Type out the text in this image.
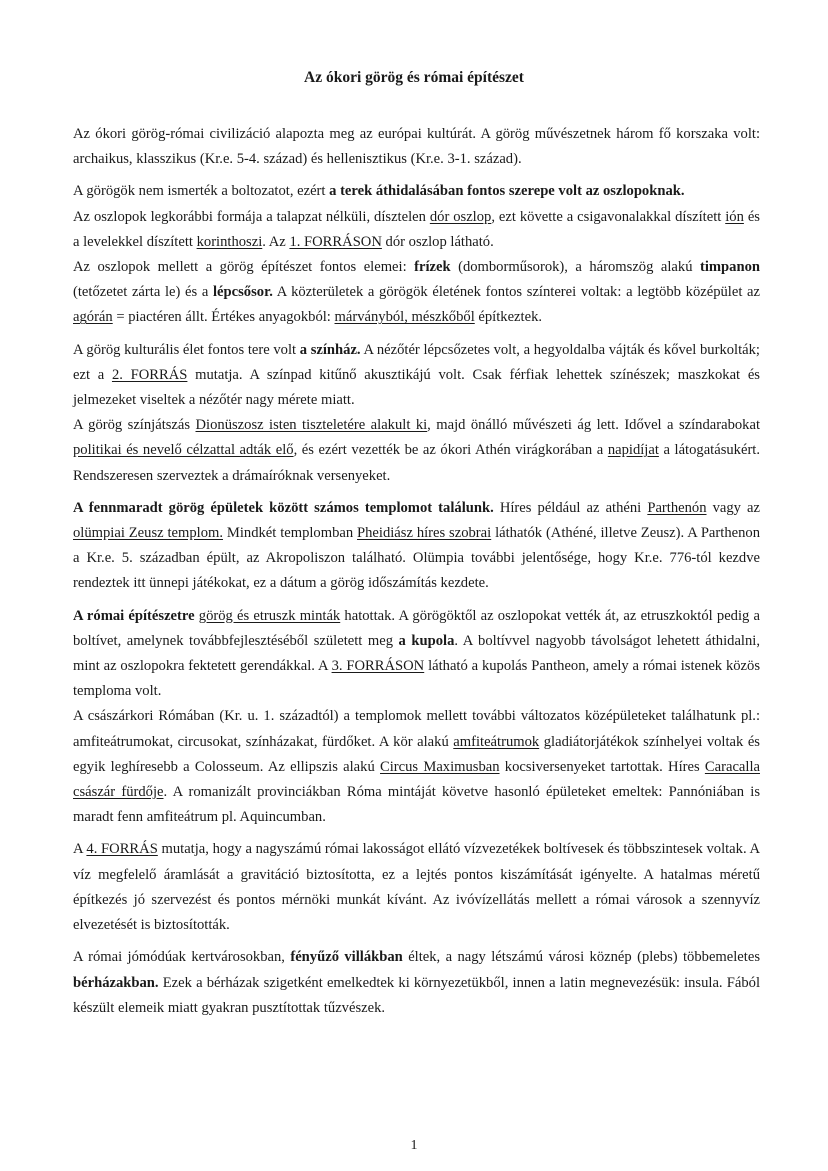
Az ókori görög és római építészet

Az ókori görög-római civilizáció alapozta meg az európai kultúrát. A görög művészetnek három fő korszaka volt: archaikus, klasszikus (Kr.e. 5-4. század) és hellenisztikus (Kr.e. 3-1. század).

A görögök nem ismerték a boltozatot, ezért a terek áthidalásában fontos szerepe volt az oszlopoknak.

Az oszlopok legkorábbi formája a talapzat nélküli, dísztelen dór oszlop, ezt követte a csigavonalakkal díszített ión és a levelekkel díszített korinthoszi. Az 1. FORRÁSON dór oszlop látható.

Az oszlopok mellett a görög építészet fontos elemei: frízek (domborműsorok), a háromszög alakú timpanon (tetőzetet zárta le) és a lépcsősor. A közterületek a görögök életének fontos színterei voltak: a legtöbb középület az agórán = piactéren állt. Értékes anyagokból: márványból, mészkőből építkeztek.

A görög kulturális élet fontos tere volt a színház. A nézőtér lépcsőzetes volt, a hegyoldalba vájták és kővel burkolták; ezt a 2. FORRÁS mutatja. A színpad kitűnő akusztikájú volt. Csak férfiak lehettek színészek; maszkokat és jelmezeket viseltek a nézőtér nagy mérete miatt.

A görög színjátszás Dionüszosz isten tiszteletére alakult ki, majd önálló művészeti ág lett. Idővel a színdarabokat politikai és nevelő célzattal adták elő, és ezért vezették be az ókori Athén virágkorában a napidíjat a látogatásukért. Rendszeresen szerveztek a drámaíróknak versenyeket.

A fennmaradt görög épületek között számos templomot találunk. Híres például az athéni Parthenón vagy az olümpiai Zeusz templom. Mindkét templomban Pheidiász híres szobrai láthatók (Athéné, illetve Zeusz). A Parthenon a Kr.e. 5. században épült, az Akropoliszon található. Olümpia további jelentősége, hogy Kr.e. 776-tól kezdve rendeztek itt ünnepi játékokat, ez a dátum a görög időszámítás kezdete.

A római építészetre görög és etruszk minták hatottak. A görögöktől az oszlopokat vették át, az etruszkoktól pedig a boltívet, amelynek továbbfejlesztéséből született meg a kupola. A boltívvel nagyobb távolságot lehetett áthidalni, mint az oszlopokra fektetett gerendákkal. A 3. FORRÁSON látható a kupolás Pantheon, amely a római istenek közös temploma volt.

A császárkori Rómában (Kr. u. 1. századtól) a templomok mellett további változatos középületeket találhatunk pl.: amfiteátrumokat, circusokat, színházakat, fürdőket. A kör alakú amfiteátrumok gladiátorjátékok színhelyei voltak és egyik leghíresebb a Colosseum. Az ellipszis alakú Circus Maximusban kocsiversenyeket tartottak. Híres Caracalla császár fürdője. A romanizált provinciákban Róma mintáját követve hasonló épületeket emeltek: Pannóniában is maradt fenn amfiteátrum pl. Aquincumban.

A 4. FORRÁS mutatja, hogy a nagyszámú római lakosságot ellátó vízvezetékek boltívesek és többszintesek voltak. A víz megfelelő áramlását a gravitáció biztosította, ez a lejtés pontos kiszámítását igényelte. A hatalmas méretű építkezés jó szervezést és pontos mérnöki munkát kívánt. Az ivóvízellátás mellett a római városok a szennyvíz elvezetését is biztosították.

A római jómódúak kertvárosokban, fényűző villákban éltek, a nagy létszámú városi köznép (plebs) többemeletes bérházakban. Ezek a bérházak szigetként emelkedtek ki környezetükből, innen a latin megnevezésük: insula. Fából készült elemeik miatt gyakran pusztítottak tűzvészek.

1
